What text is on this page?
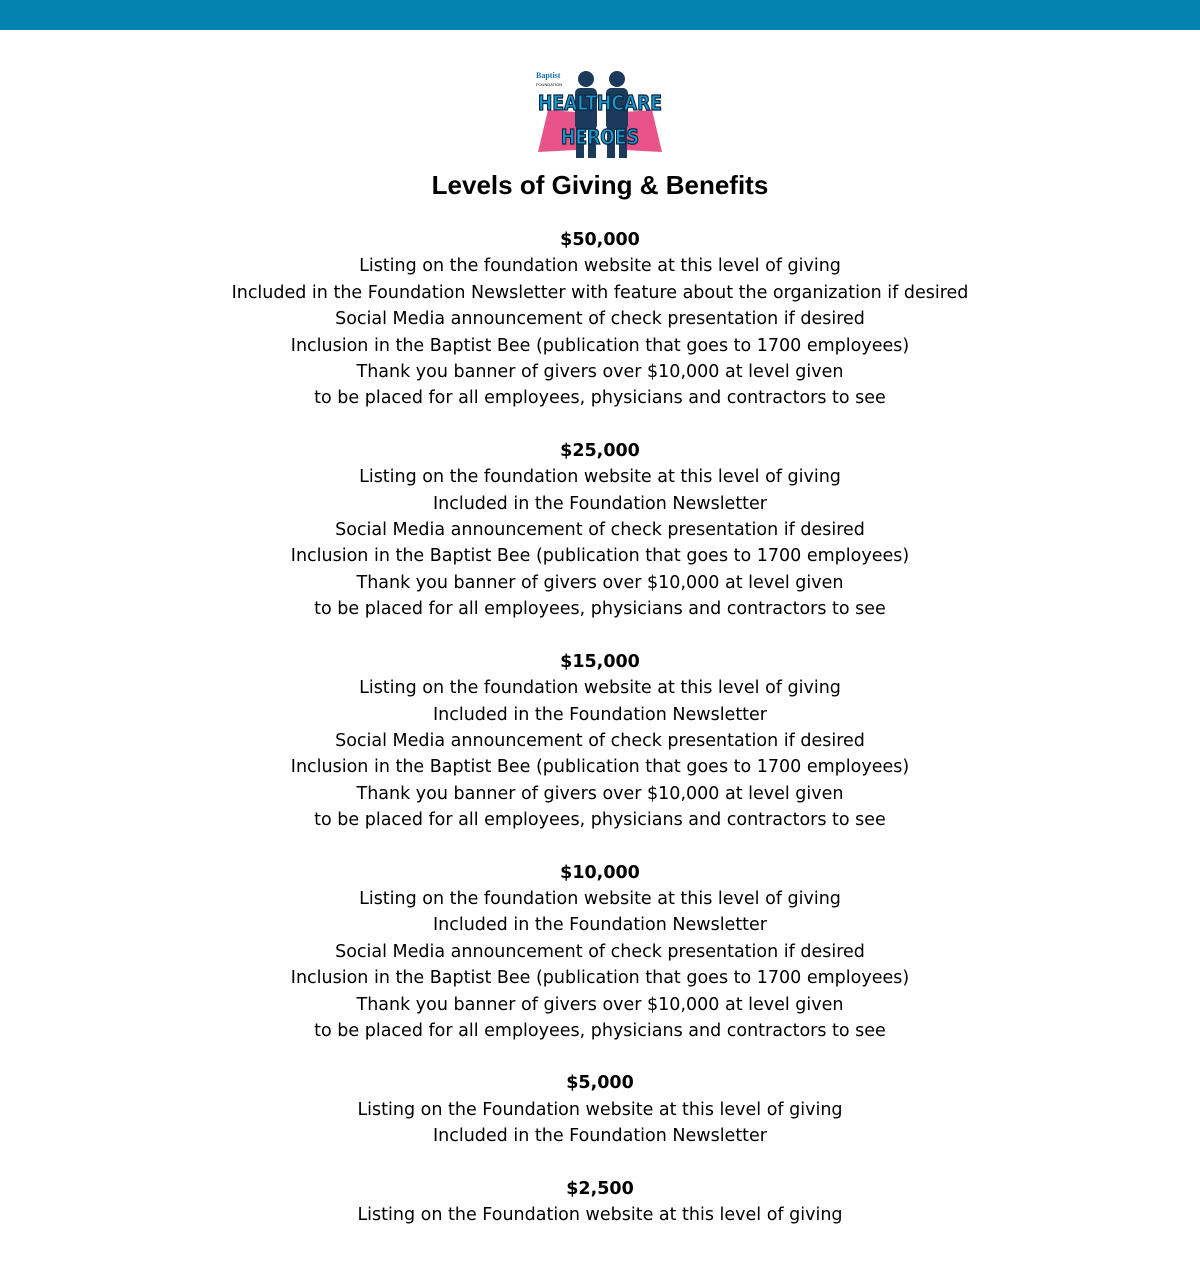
Baptist
FOUNDATION
HEALTHCARE
HEROES
Levels of Giving & Benefits
$50,000
Listing on the foundation website at this level of giving
Included in the Foundation Newsletter with feature about the organization if desired
Social Media announcement of check presentation if desired
Inclusion in the Baptist Bee (publication that goes to 1700 employees)
Thank you banner of givers over $10,000 at level given
to be placed for all employees, physicians and contractors to see
$25,000
Listing on the foundation website at this level of giving
Included in the Foundation Newsletter
Social Media announcement of check presentation if desired
Inclusion in the Baptist Bee (publication that goes to 1700 employees)
Thank you banner of givers over $10,000 at level given
to be placed for all employees, physicians and contractors to see
$15,000
Listing on the foundation website at this level of giving
Included in the Foundation Newsletter
Social Media announcement of check presentation if desired
Inclusion in the Baptist Bee (publication that goes to 1700 employees)
Thank you banner of givers over $10,000 at level given
to be placed for all employees, physicians and contractors to see
$10,000
Listing on the foundation website at this level of giving
Included in the Foundation Newsletter
Social Media announcement of check presentation if desired
Inclusion in the Baptist Bee (publication that goes to 1700 employees)
Thank you banner of givers over $10,000 at level given
to be placed for all employees, physicians and contractors to see
$5,000
Listing on the Foundation website at this level of giving
Included in the Foundation Newsletter
$2,500
Listing on the Foundation website at this level of giving
